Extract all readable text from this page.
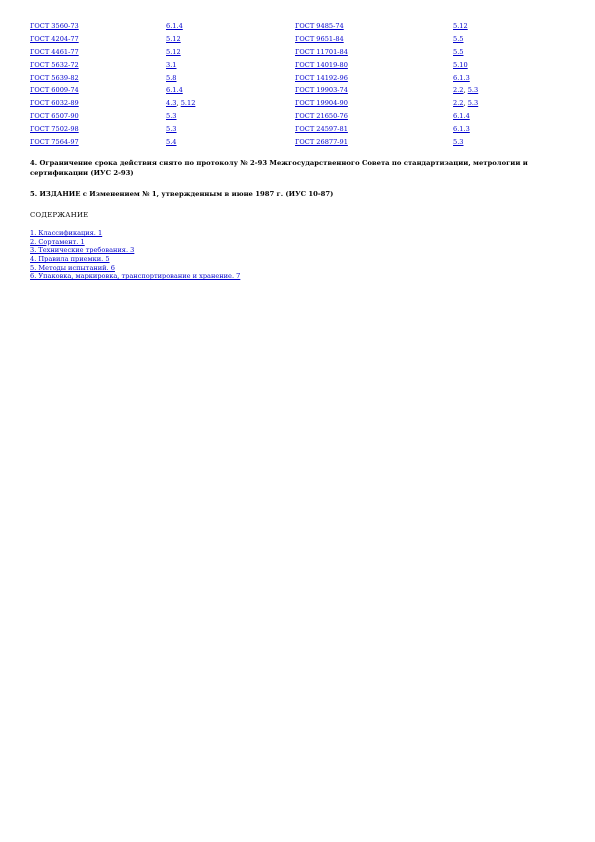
ГОСТ 3560-73	6.1.4	ГОСТ 9485-74	5.12
ГОСТ 4204-77	5.12	ГОСТ 9651-84	5.5
ГОСТ 4461-77	5.12	ГОСТ 11701-84	5.5
ГОСТ 5632-72	3.1	ГОСТ 14019-80	5.10
ГОСТ 5639-82	5.8	ГОСТ 14192-96	6.1.3
ГОСТ 6009-74	6.1.4	ГОСТ 19903-74	2.2, 5.3
ГОСТ 6032-89	4.3, 5.12	ГОСТ 19904-90	2.2, 5.3
ГОСТ 6507-90	5.3	ГОСТ 21650-76	6.1.4
ГОСТ 7502-98	5.3	ГОСТ 24597-81	6.1.3
ГОСТ 7564-97	5.4	ГОСТ 26877-91	5.3

4. Ограничение срока действия снято по протоколу № 2-93 Межгосударственного Совета по стандартизации, метрологии и сертификации (ИУС 2-93)

5. ИЗДАНИЕ с Изменением № 1, утвержденным в июне 1987 г. (ИУС 10-87)

СОДЕРЖАНИЕ
1. Классификация. 1
2. Сортамент. 1
3. Технические требования. 3
4. Правила приемки. 5
5. Методы испытаний. 6
6. Упаковка, маркировка, транспортирование и хранение. 7
